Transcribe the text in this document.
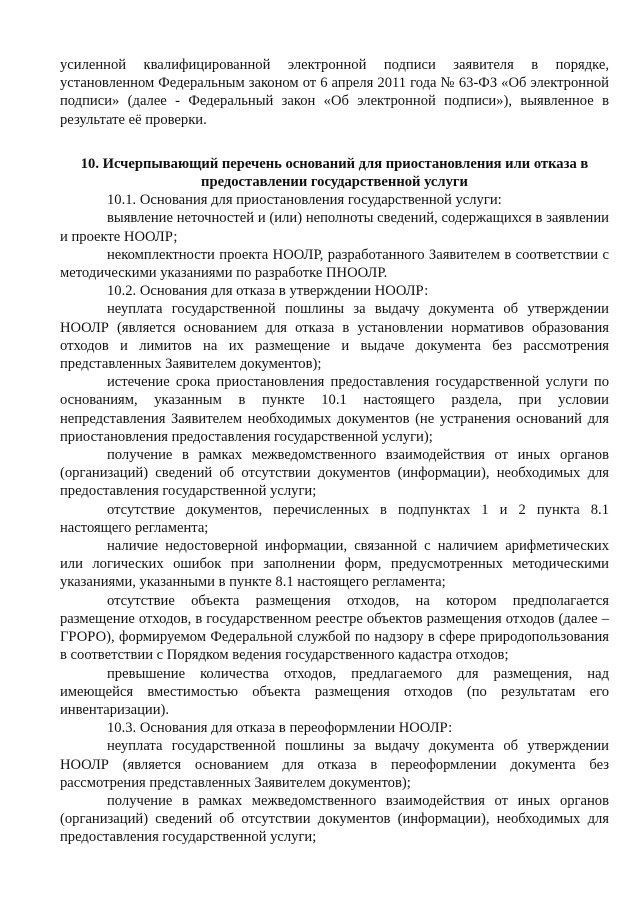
усиленной квалифицированной электронной подписи заявителя в порядке, установленном Федеральным законом от 6 апреля 2011 года № 63-ФЗ «Об электронной подписи» (далее - Федеральный закон «Об электронной подписи»), выявленное в результате её проверки.

10. Исчерпывающий перечень оснований для приостановления или отказа в предоставлении государственной услуги

10.1. Основания для приостановления государственной услуги:

выявление неточностей и (или) неполноты сведений, содержащихся в заявлении и проекте НООЛР;

некомплектности проекта НООЛР, разработанного Заявителем в соответствии с методическими указаниями по разработке ПНООЛР.

10.2. Основания для отказа в утверждении НООЛР:

неуплата государственной пошлины за выдачу документа об утверждении НООЛР (является основанием для отказа в установлении нормативов образования отходов и лимитов на их размещение и выдаче документа без рассмотрения представленных Заявителем документов);

истечение срока приостановления предоставления государственной услуги по основаниям, указанным в пункте 10.1 настоящего раздела, при условии непредставления Заявителем необходимых документов (не устранения оснований для приостановления предоставления государственной услуги);

получение в рамках межведомственного взаимодействия от иных органов (организаций) сведений об отсутствии документов (информации), необходимых для предоставления государственной услуги;

отсутствие документов, перечисленных в подпунктах 1 и 2 пункта 8.1 настоящего регламента;

наличие недостоверной информации, связанной с наличием арифметических или логических ошибок при заполнении форм, предусмотренных методическими указаниями, указанными в пункте 8.1 настоящего регламента;

отсутствие объекта размещения отходов, на котором предполагается размещение отходов, в государственном реестре объектов размещения отходов (далее – ГРОРО), формируемом Федеральной службой по надзору в сфере природопользования в соответствии с Порядком ведения государственного кадастра отходов;

превышение количества отходов, предлагаемого для размещения, над имеющейся вместимостью объекта размещения отходов (по результатам его инвентаризации).

10.3. Основания для отказа в переоформлении НООЛР:

неуплата государственной пошлины за выдачу документа об утверждении НООЛР (является основанием для отказа в переоформлении документа без рассмотрения представленных Заявителем документов);

получение в рамках межведомственного взаимодействия от иных органов (организаций) сведений об отсутствии документов (информации), необходимых для предоставления государственной услуги;
